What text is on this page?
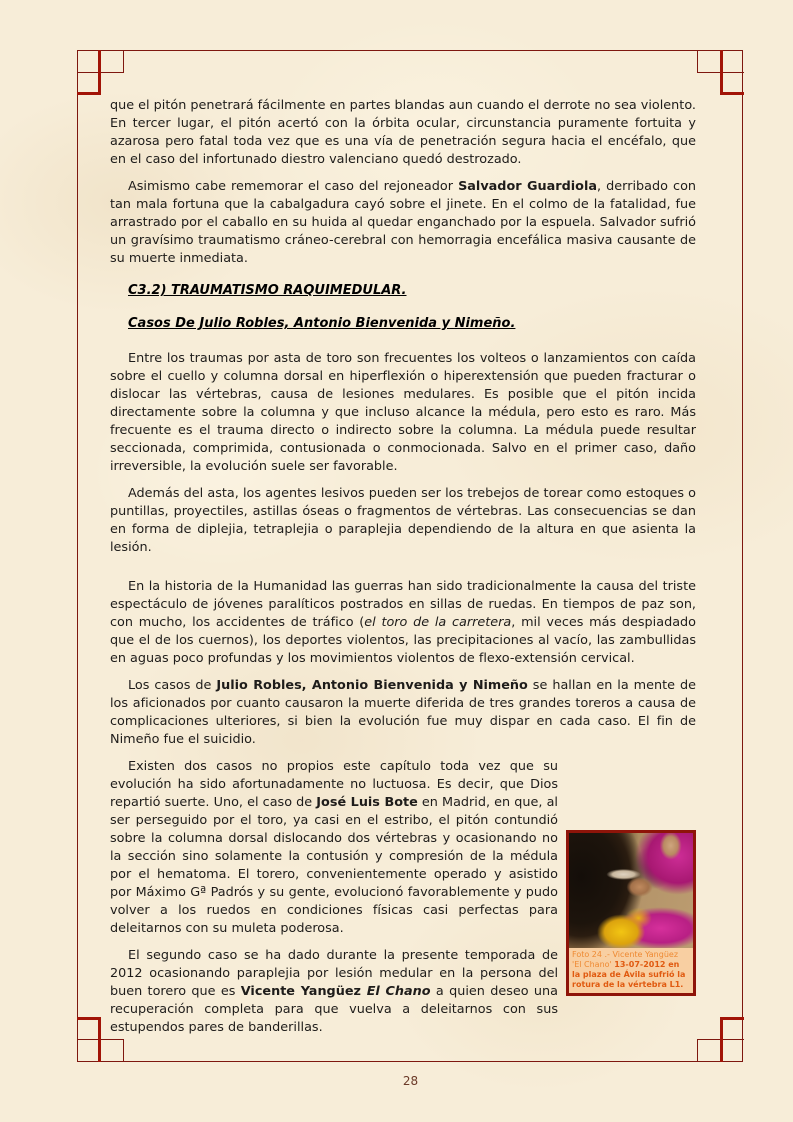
que el pitón penetrará fácilmente en partes blandas aun cuando el derrote no sea violento. En tercer lugar, el pitón acertó con la órbita ocular, circunstancia puramente fortuita y azarosa pero fatal toda vez que es una vía de penetración segura hacia el encéfalo, que en el caso del infortunado diestro valenciano quedó destrozado.

Asimismo cabe rememorar el caso del rejoneador Salvador Guardiola, derribado con tan mala fortuna que la cabalgadura cayó sobre el jinete. En el colmo de la fatalidad, fue arrastrado por el caballo en su huida al quedar enganchado por la espuela. Salvador sufrió un gravísimo traumatismo cráneo-cerebral con hemorragia encefálica masiva causante de su muerte inmediata.

C3.2) TRAUMATISMO RAQUIMEDULAR.
Casos De Julio Robles, Antonio Bienvenida y Nimeño.

Entre los traumas por asta de toro son frecuentes los volteos o lanzamientos con caída sobre el cuello y columna dorsal en hiperflexión o hiperextensión que pueden fracturar o dislocar las vértebras, causa de lesiones medulares. Es posible que el pitón incida directamente sobre la columna y que incluso alcance la médula, pero esto es raro. Más frecuente es el trauma directo o indirecto sobre la columna. La médula puede resultar seccionada, comprimida, contusionada o conmocionada. Salvo en el primer caso, daño irreversible, la evolución suele ser favorable.

Además del asta, los agentes lesivos pueden ser los trebejos de torear como estoques o puntillas, proyectiles, astillas óseas o fragmentos de vértebras. Las consecuencias se dan en forma de diplejia, tetraplejia o paraplejia dependiendo de la altura en que asienta la lesión.

En la historia de la Humanidad las guerras han sido tradicionalmente la causa del triste espectáculo de jóvenes paralíticos postrados en sillas de ruedas. En tiempos de paz son, con mucho, los accidentes de tráfico (el toro de la carretera, mil veces más despiadado que el de los cuernos), los deportes violentos, las precipitaciones al vacío, las zambullidas en aguas poco profundas y los movimientos violentos de flexo-extensión cervical.

Los casos de Julio Robles, Antonio Bienvenida y Nimeño se hallan en la mente de los aficionados por cuanto causaron la muerte diferida de tres grandes toreros a causa de complicaciones ulteriores, si bien la evolución fue muy dispar en cada caso. El fin de Nimeño fue el suicidio.

Foto 24 .- Vicente Yangüez 'El Chano' 13-07-2012 en la plaza de Ávila sufrió la rotura de la vértebra L1.

Existen dos casos no propios este capítulo toda vez que su evolución ha sido afortunadamente no luctuosa. Es decir, que Dios repartió suerte. Uno, el caso de José Luis Bote en Madrid, en que, al ser perseguido por el toro, ya casi en el estribo, el pitón contundió sobre la columna dorsal dislocando dos vértebras y ocasionando no la sección sino solamente la contusión y compresión de la médula por el hematoma. El torero, convenientemente operado y asistido por Máximo Gª Padrós y su gente, evolucionó favorablemente y pudo volver a los ruedos en condiciones físicas casi perfectas para deleitarnos con su muleta poderosa.

El segundo caso se ha dado durante la presente temporada de 2012 ocasionando paraplejia por lesión medular en la persona del buen torero que es Vicente Yangüez El Chano a quien deseo una recuperación completa para que vuelva a deleitarnos con sus estupendos pares de banderillas.

28
